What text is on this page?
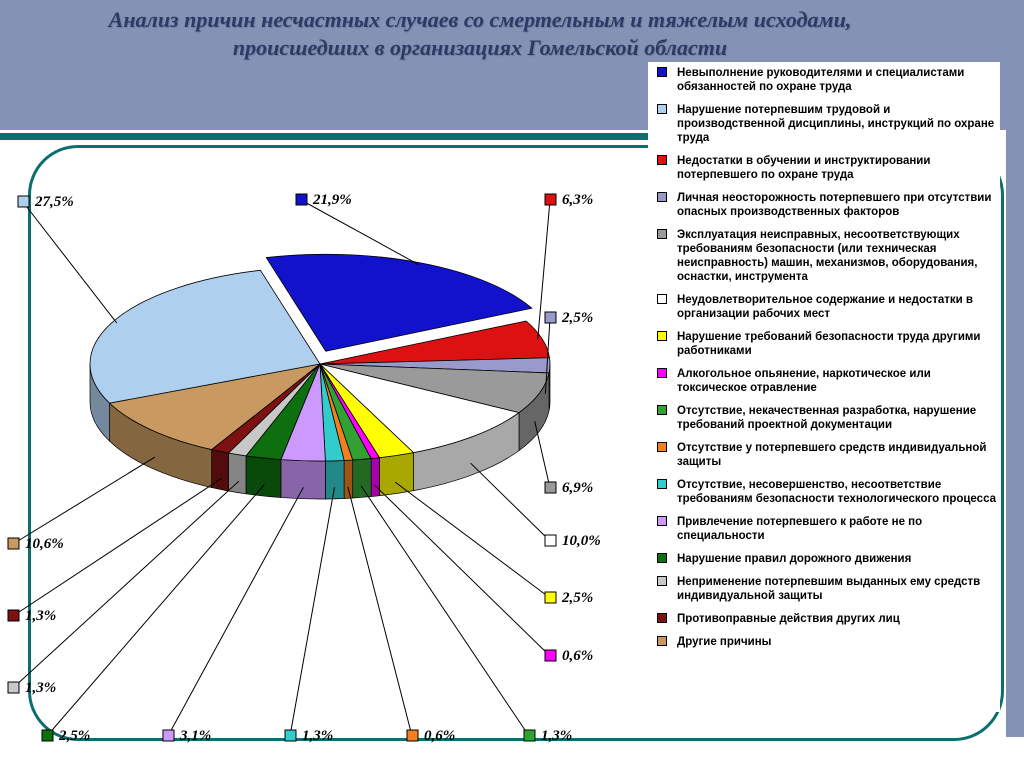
Анализ причин несчастных случаев со смертельным и тяжелым исходами,
происшедших в организациях Гомельской области
21,9%	6,3%
2,5%
6,9%
10,0%
2,5%
0,6%
1,3%
0,6%
1,3%
3,1%
2,5%
1,3%
1,3%
10,6%
27,5%
Невыполнение руководителями и специалистами обязанностей по охране труда
Нарушение потерпевшим трудовой и производственной дисциплины, инструкций по охране труда
Недостатки в обучении и инструктировании потерпевшего по охране труда
Личная неосторожность потерпевшего при отсутствии опасных производственных факторов
Эксплуатация неисправных, несоответствующих требованиям безопасности (или техническая неисправность) машин, механизмов, оборудования, оснастки, инструмента
Неудовлетворительное содержание и недостатки в организации рабочих мест
Нарушение требований безопасности труда другими работниками
Алкогольное опьянение, наркотическое или токсическое отравление
Отсутствие, некачественная разработка, нарушение требований проектной документации
Отсутствие у потерпевшего средств индивидуальной защиты
Отсутствие, несовершенство, несоответствие требованиям безопасности технологического процесса
Привлечение потерпевшего к работе не по специальности
Нарушение правил дорожного движения
Неприменение потерпевшим выданных ему средств индивидуальной защиты
Противоправные действия других лиц
Другие причины
